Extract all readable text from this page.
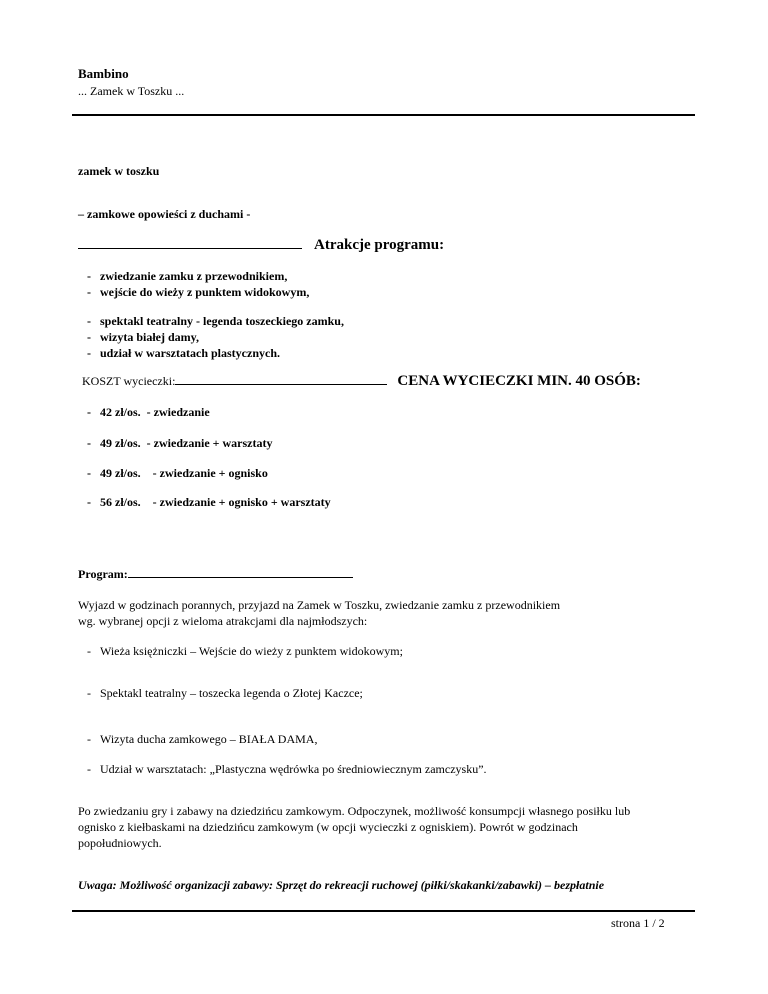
Bambino
... Zamek w Toszku ...
zamek w toszku
– zamkowe opowieści z duchami -
Atrakcje programu:
- zwiedzanie zamku z przewodnikiem,
- wejście do wieży z punktem widokowym,
- spektakl teatralny - legenda toszeckiego zamku,
- wizyta białej damy,
- udział w warsztatach plastycznych.
KOSZT wycieczki:	CENA WYCIECZKI MIN. 40 OSÓB:
- 42 zł/os. - zwiedzanie
- 49 zł/os. - zwiedzanie + warsztaty
- 49 zł/os. - zwiedzanie + ognisko
- 56 zł/os. - zwiedzanie + ognisko + warsztaty
Program:
Wyjazd w godzinach porannych, przyjazd na Zamek w Toszku, zwiedzanie zamku z przewodnikiem
wg. wybranej opcji z wieloma atrakcjami dla najmłodszych:
- Wieża księżniczki – Wejście do wieży z punktem widokowym;
- Spektakl teatralny – toszecka legenda o Złotej Kaczce;
- Wizyta ducha zamkowego – BIAŁA DAMA,
- Udział w warsztatach: „Plastyczna wędrówka po średniowiecznym zamczysku”.
Po zwiedzaniu gry i zabawy na dziedzińcu zamkowym. Odpoczynek, możliwość konsumpcji własnego posiłku lub
ognisko z kiełbaskami na dziedzińcu zamkowym (w opcji wycieczki z ogniskiem). Powrót w godzinach
popołudniowych.
Uwaga: Możliwość organizacji zabawy: Sprzęt do rekreacji ruchowej (piłki/skakanki/zabawki) – bezpłatnie
strona 1 / 2
